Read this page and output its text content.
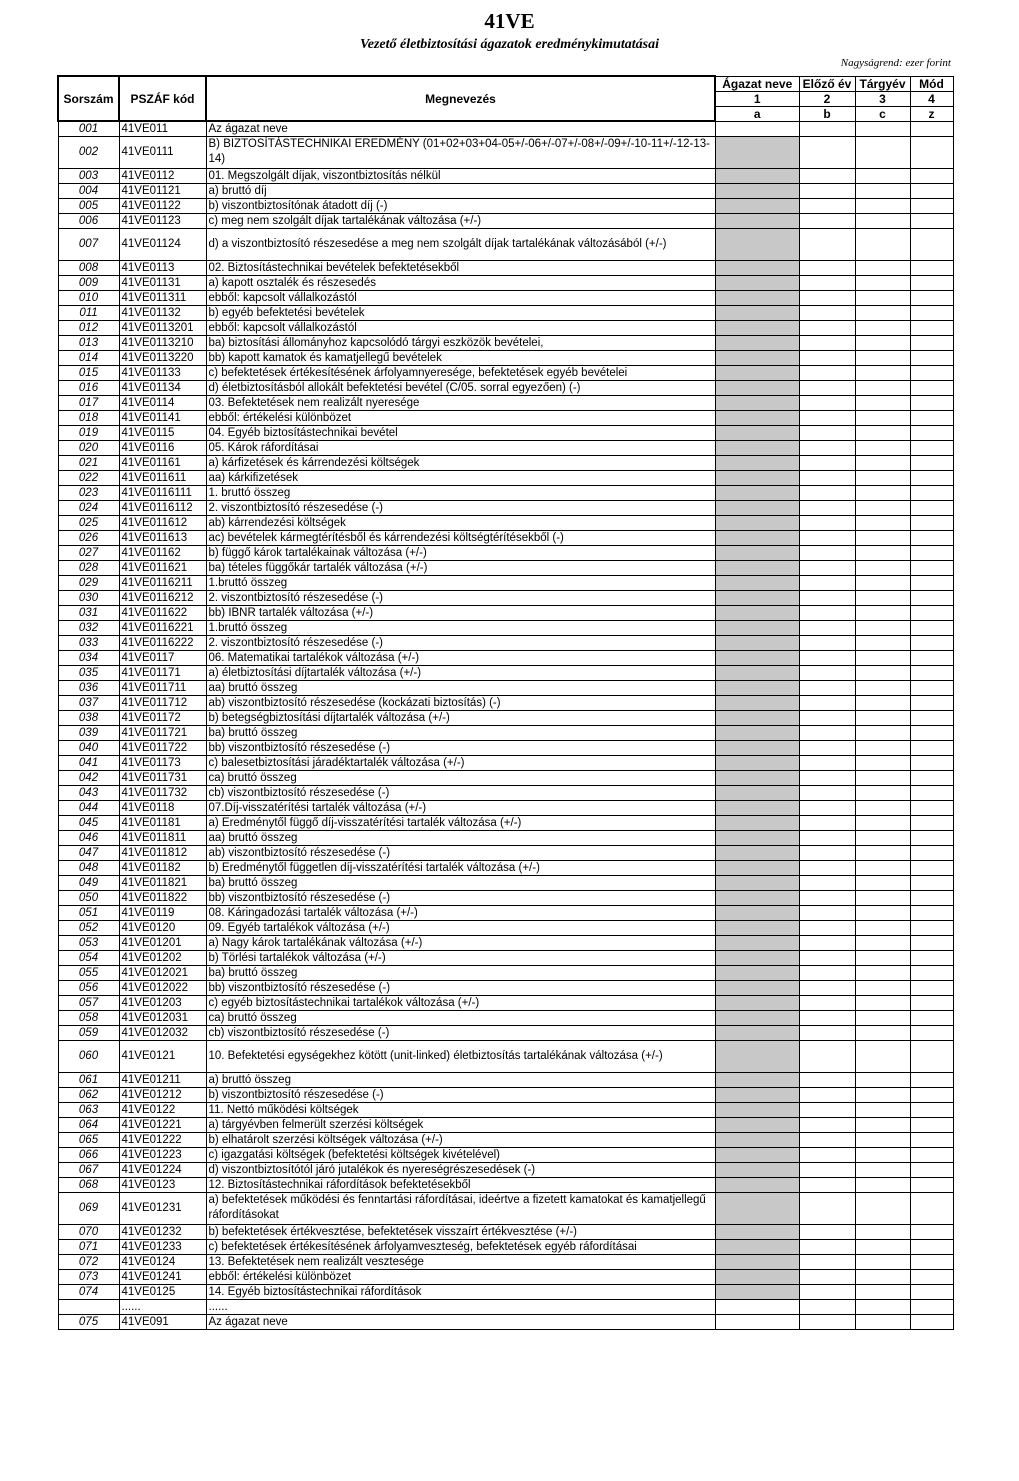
41VE
Vezető életbiztosítási ágazatok eredménykimutatásai
Nagyságrend: ezer forint
Sorszám	PSZÁF kód	Megnevezés	Ágazat neve	Előző év	Tárgyév	Mód
			1	2	3	4
			a	b	c	z
001	41VE011	Az ágazat neve				
002	41VE0111	B) BIZTOSÍTÁSTECHNIKAI EREDMÉNY (01+02+03+04-05+/-06+/-07+/-08+/-09+/-10-11+/-12-13-14)				
003	41VE0112	01. Megszolgált díjak, viszontbiztosítás nélkül				
004	41VE01121	a) bruttó díj				
005	41VE01122	b) viszontbiztosítónak átadott díj (-)				
006	41VE01123	c) meg nem szolgált díjak tartalékának változása (+/-)				
007	41VE01124	d) a viszontbiztosító részesedése a meg nem szolgált díjak tartalékának változásából (+/-)				
008	41VE0113	02. Biztosítástechnikai bevételek befektetésekből				
009	41VE01131	a) kapott osztalék és részesedés				
010	41VE011311	ebből: kapcsolt vállalkozástól				
011	41VE01132	b) egyéb befektetési bevételek				
012	41VE0113201	ebből: kapcsolt vállalkozástól				
013	41VE0113210	ba) biztosítási állományhoz kapcsolódó tárgyi eszközök bevételei,				
014	41VE0113220	bb) kapott kamatok és kamatjellegű bevételek				
015	41VE01133	c) befektetések értékesítésének árfolyamnyeresége, befektetések egyéb bevételei				
016	41VE01134	d) életbiztosításból allokált befektetési bevétel (C/05. sorral egyezően) (-)				
017	41VE0114	03. Befektetések nem realizált nyeresége				
018	41VE01141	ebből: értékelési különbözet				
019	41VE0115	04. Egyéb biztosítástechnikai bevétel				
020	41VE0116	05. Károk ráfordításai				
021	41VE01161	a) kárfizetések és kárrendezési költségek				
022	41VE011611	aa) kárkifizetések				
023	41VE0116111	1. bruttó összeg				
024	41VE0116112	2. viszontbiztosító részesedése (-)				
025	41VE011612	ab) kárrendezési költségek				
026	41VE011613	ac) bevételek kármegtérítésből és kárrendezési költségtérítésekből (-)				
027	41VE01162	b) függő károk tartalékainak változása (+/-)				
028	41VE011621	ba) tételes függőkár tartalék változása (+/-)				
029	41VE0116211	1.bruttó összeg				
030	41VE0116212	2. viszontbiztosító részesedése (-)				
031	41VE011622	bb) IBNR tartalék változása (+/-)				
032	41VE0116221	1.bruttó összeg				
033	41VE0116222	2. viszontbiztosító részesedése (-)				
034	41VE0117	06. Matematikai tartalékok változása (+/-)				
035	41VE01171	a) életbiztosítási díjtartalék változása (+/-)				
036	41VE011711	aa) bruttó összeg				
037	41VE011712	ab) viszontbiztosító részesedése (kockázati biztosítás) (-)				
038	41VE01172	b) betegségbiztosítási díjtartalék változása (+/-)				
039	41VE011721	ba) bruttó összeg				
040	41VE011722	bb) viszontbiztosító részesedése (-)				
041	41VE01173	c) balesetbiztosítási járadéktartalék változása (+/-)				
042	41VE011731	ca) bruttó összeg				
043	41VE011732	cb) viszontbiztosító részesedése (-)				
044	41VE0118	07.Díj-visszatérítési tartalék változása (+/-)				
045	41VE01181	a) Eredménytől függő díj-visszatérítési tartalék változása (+/-)				
046	41VE011811	aa) bruttó összeg				
047	41VE011812	ab) viszontbiztosító részesedése (-)				
048	41VE01182	b) Eredménytől független díj-visszatérítési tartalék változása (+/-)				
049	41VE011821	ba) bruttó összeg				
050	41VE011822	bb) viszontbiztosító részesedése (-)				
051	41VE0119	08. Káringadozási tartalék változása (+/-)				
052	41VE0120	09. Egyéb tartalékok változása (+/-)				
053	41VE01201	a) Nagy károk tartalékának változása (+/-)				
054	41VE01202	b) Törlési tartalékok változása (+/-)				
055	41VE012021	ba) bruttó összeg				
056	41VE012022	bb) viszontbiztosító részesedése (-)				
057	41VE01203	c) egyéb biztosítástechnikai tartalékok változása (+/-)				
058	41VE012031	ca) bruttó összeg				
059	41VE012032	cb) viszontbiztosító részesedése (-)				
060	41VE0121	10. Befektetési egységekhez kötött (unit-linked) életbiztosítás tartalékának változása (+/-)				
061	41VE01211	a) bruttó összeg				
062	41VE01212	b) viszontbiztosító részesedése (-)				
063	41VE0122	11. Nettó működési költségek				
064	41VE01221	a) tárgyévben felmerült szerzési költségek				
065	41VE01222	b) elhatárolt szerzési költségek változása (+/-)				
066	41VE01223	c) igazgatási költségek (befektetési költségek kivételével)				
067	41VE01224	d) viszontbiztosítótól járó jutalékok és nyereségrészesedések (-)				
068	41VE0123	12. Biztosítástechnikai ráfordítások befektetésekből				
069	41VE01231	a) befektetések működési és fenntartási ráfordításai, ideértve a fizetett kamatokat és kamatjellegű ráfordításokat				
070	41VE01232	b) befektetések értékvesztése, befektetések visszaírt értékvesztése (+/-)				
071	41VE01233	c) befektetések értékesítésének árfolyamveszteség, befektetések egyéb ráfordításai				
072	41VE0124	13. Befektetések nem realizált vesztesége				
073	41VE01241	ebből: értékelési különbözet				
074	41VE0125	14. Egyéb biztosítástechnikai ráfordítások				
	......	......				
075	41VE091	Az ágazat neve				
